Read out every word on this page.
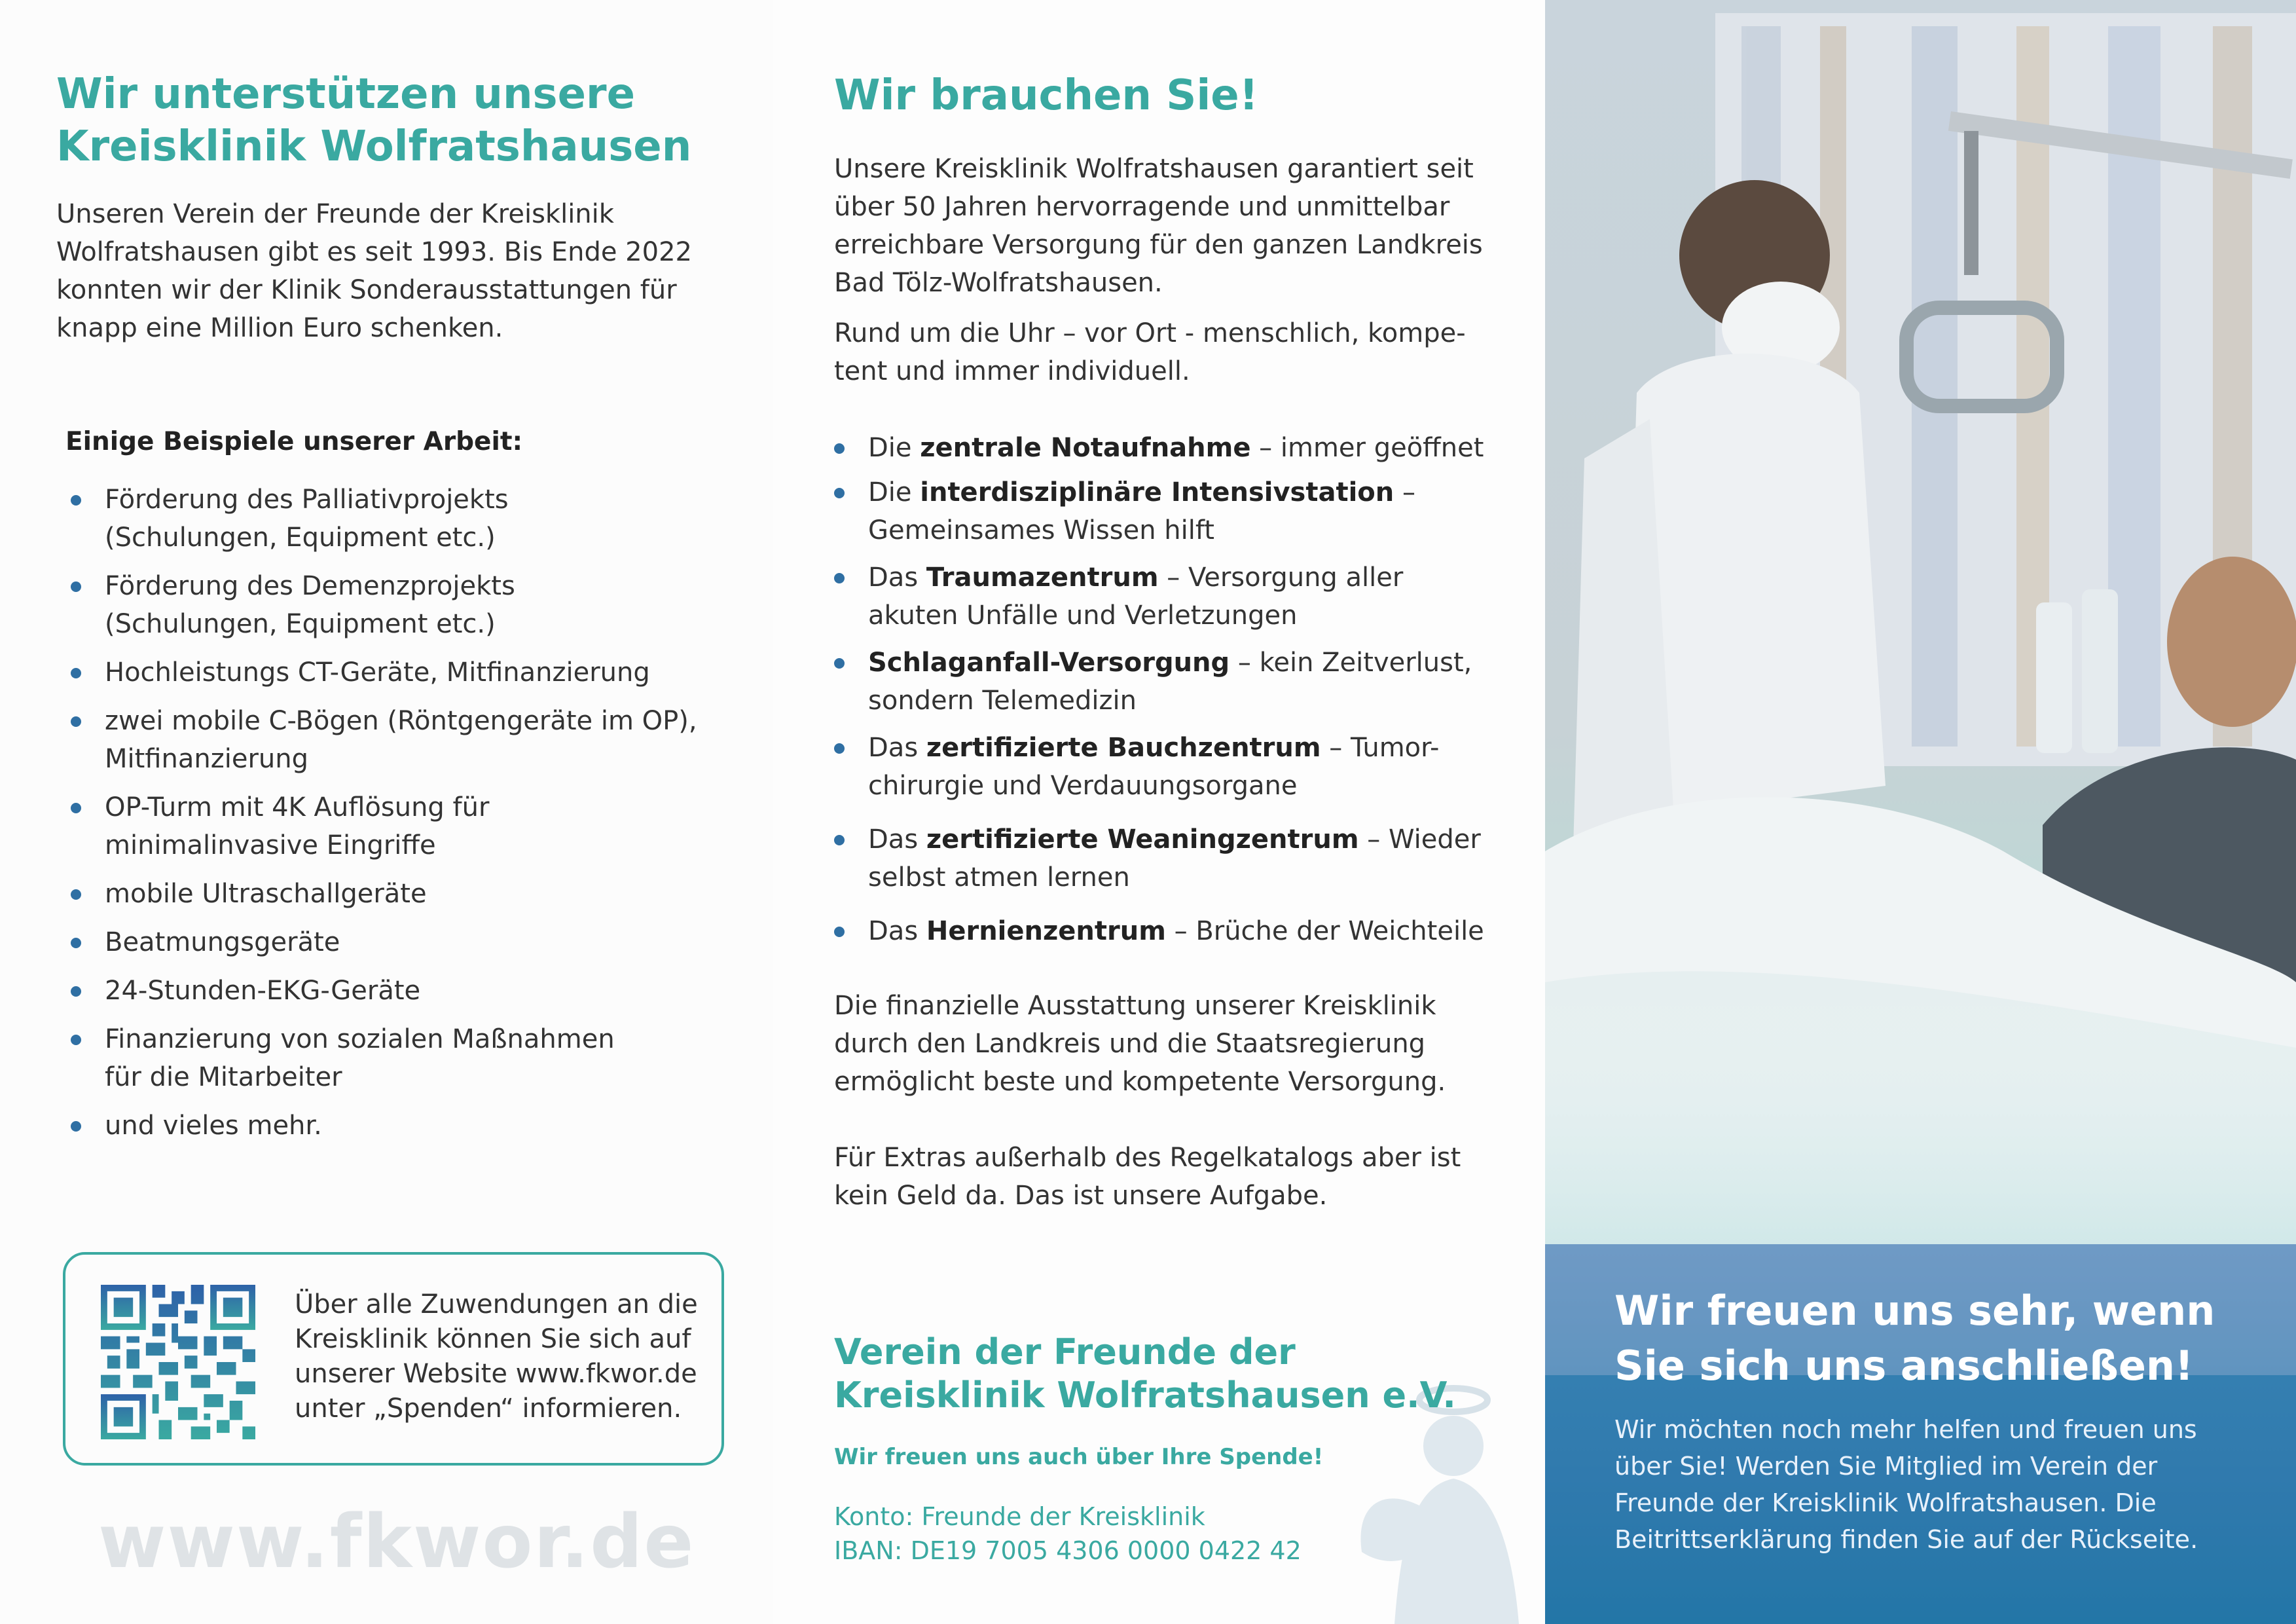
Wir unterstützen unsere
Kreisklinik Wolfratshausen
Unseren Verein der Freunde der Kreisklinik
Wolfratshausen gibt es seit 1993. Bis Ende 2022
konnten wir der Klinik Sonderausstattungen für
knapp eine Million Euro schenken.
Einige Beispiele unserer Arbeit:
Förderung des Palliativprojekts
(Schulungen, Equipment etc.)
Förderung des Demenzprojekts
(Schulungen, Equipment etc.)
Hochleistungs CT-Geräte, Mitfinanzierung
zwei mobile C-Bögen (Röntgengeräte im OP),
Mitfinanzierung
OP-Turm mit 4K Auflösung für
minimalinvasive Eingriffe
mobile Ultraschallgeräte
Beatmungsgeräte
24-Stunden-EKG-Geräte
Finanzierung von sozialen Maßnahmen
für die Mitarbeiter
und vieles mehr.
Über alle Zuwendungen an die
Kreisklinik können Sie sich auf
unserer Website www.fkwor.de
unter „Spenden“ informieren.
www.fkwor.de
Wir brauchen Sie!
Unsere Kreisklinik Wolfratshausen garantiert seit
über 50 Jahren hervorragende und unmittelbar
erreichbare Versorgung für den ganzen Landkreis
Bad Tölz-Wolfratshausen.
Rund um die Uhr – vor Ort - menschlich, kompe-
tent und immer individuell.
Die zentrale Notaufnahme – immer geöffnet
Die interdisziplinäre Intensivstation –
Gemeinsames Wissen hilft
Das Traumazentrum – Versorgung aller
akuten Unfälle und Verletzungen
Schlaganfall-Versorgung – kein Zeitverlust,
sondern Telemedizin
Das zertifizierte Bauchzentrum – Tumor-
chirurgie und Verdauungsorgane
Das zertifizierte Weaningzentrum – Wieder
selbst atmen lernen
Das Hernienzentrum – Brüche der Weichteile
Die finanzielle Ausstattung unserer Kreisklinik
durch den Landkreis und die Staatsregierung
ermöglicht beste und kompetente Versorgung.
Für Extras außerhalb des Regelkatalogs aber ist
kein Geld da. Das ist unsere Aufgabe.
Verein der Freunde der
Kreisklinik Wolfratshausen e.V.
Wir freuen uns auch über Ihre Spende!
Konto: Freunde der Kreisklinik
IBAN: DE19 7005 4306 0000 0422 42
Wir freuen uns sehr, wenn
Sie sich uns anschließen!
Wir möchten noch mehr helfen und freuen uns
über Sie! Werden Sie Mitglied im Verein der
Freunde der Kreisklinik Wolfratshausen. Die
Beitrittserklärung finden Sie auf der Rückseite.
